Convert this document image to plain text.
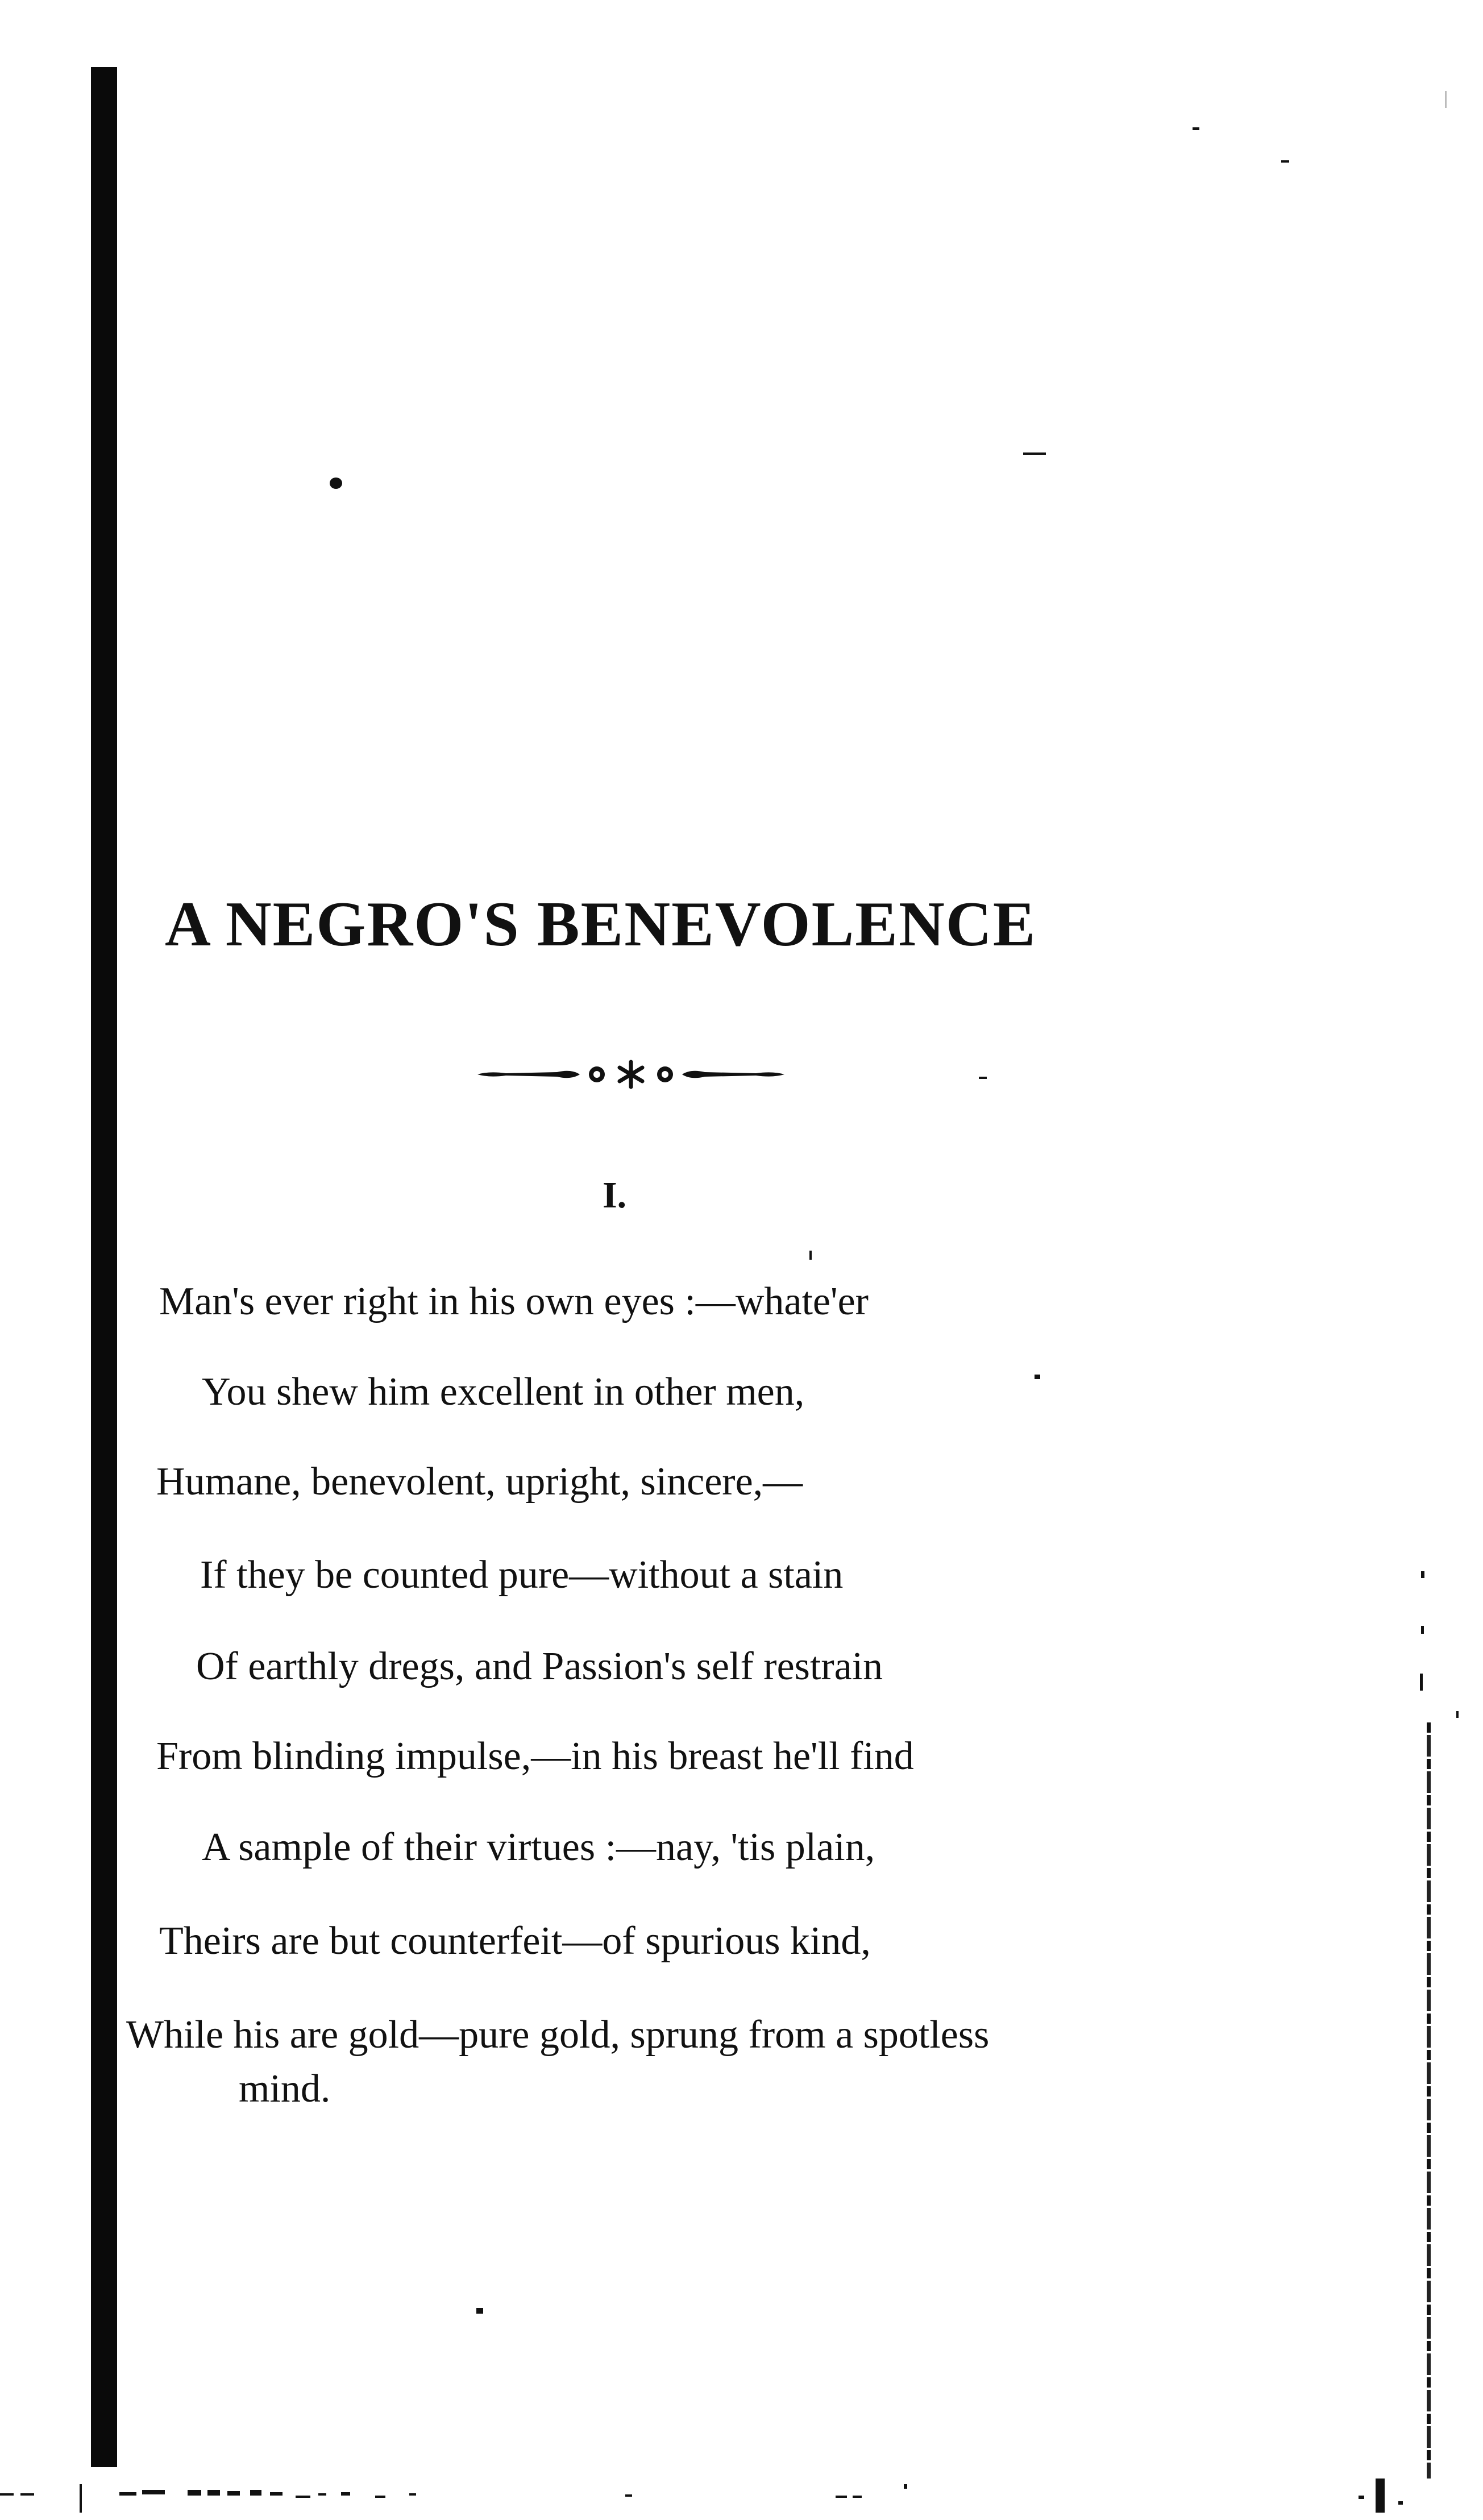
A NEGRO'S BENEVOLENCE
I.
Man's ever right in his own eyes :—whate'er
You shew him excellent in other men,
Humane, benevolent, upright, sincere,—
If they be counted pure—without a stain
Of earthly dregs, and Passion's self restrain
From blinding impulse,—in his breast he'll find
A sample of their virtues :—nay, 'tis plain,
Theirs are but counterfeit—of spurious kind,
While his are gold—pure gold, sprung from a spotless
mind.
